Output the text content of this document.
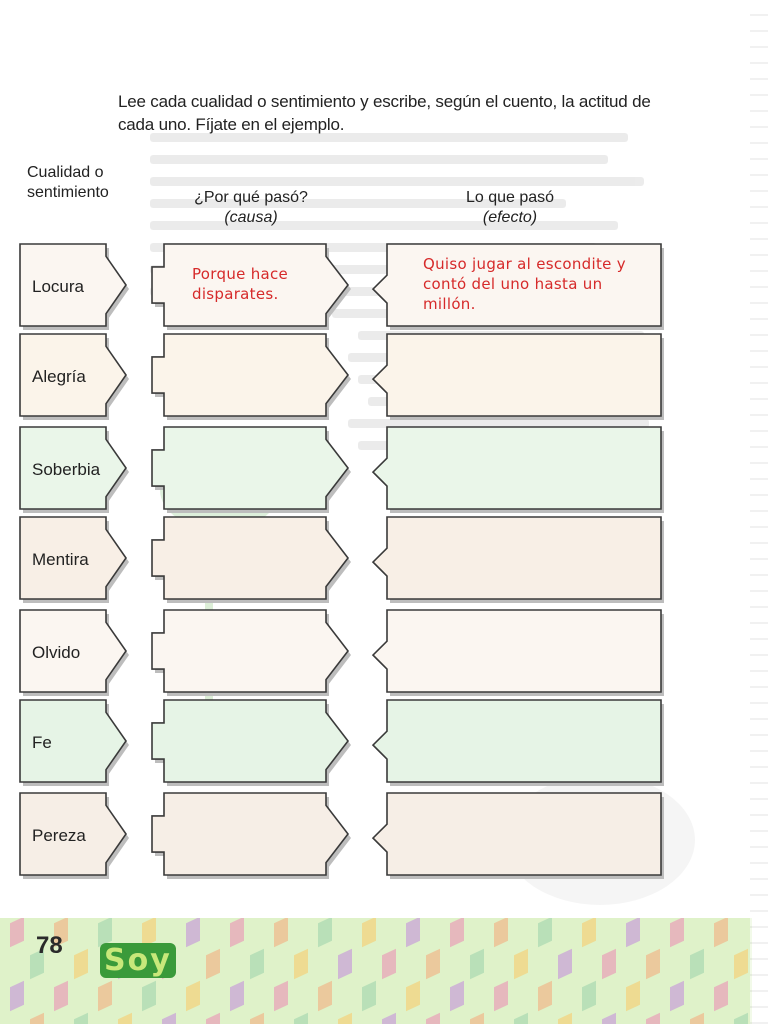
Lee cada cualidad o sentimiento y escribe, según el cuento, la actitud de cada uno. Fíjate en el ejemplo.
Cualidad o sentimiento	¿Por qué pasó?
(causa)
Lo que pasó
(efecto)
Locura
Porque hace disparates.
Quiso jugar al escondite y contó del uno hasta un millón.
Alegría
Soberbia
Mentira
Olvido
Fe
Pereza
78 Soy
